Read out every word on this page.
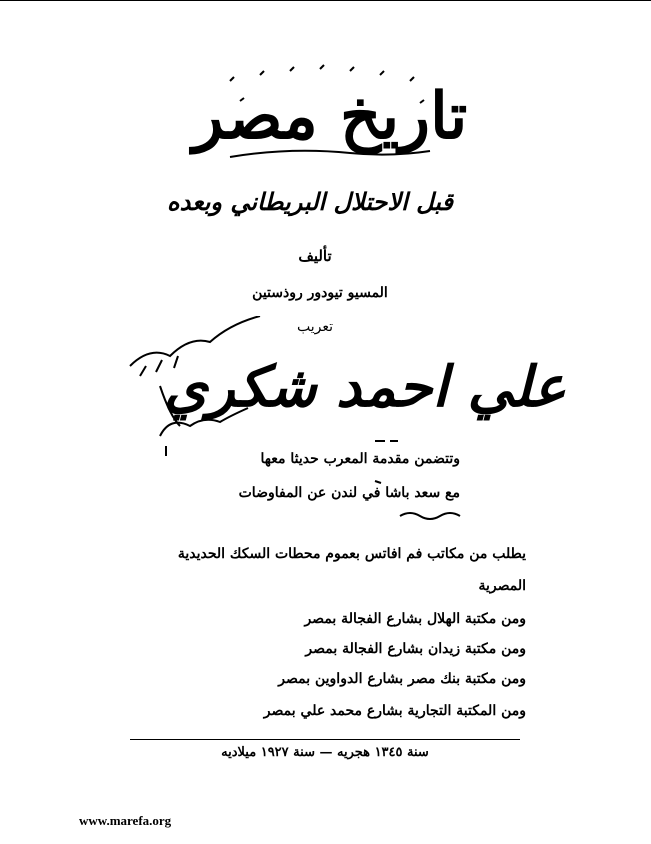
تاريخ مصر
قبل الاحتلال البريطاني وبعده
تأليف
المسيو تيودور روذستين
تعريب
علي احمد شكري
وتتضمن مقدمة المعرب حديثا معها
مع سعد باشا في لندن عن المفاوضات
يطلب من مكاتب فم افاتس بعموم محطات السكك الحديدية
المصرية
ومن مكتبة الهلال بشارع الفجالة بمصر
ومن مكتبة زيدان بشارع الفجالة بمصر
ومن مكتبة بنك مصر بشارع الدواوين بمصر
ومن المكتبة التجارية بشارع محمد علي بمصر
سنة ١٣٤٥ هجريه — سنة ١٩٢٧ ميلاديه
www.marefa.org
